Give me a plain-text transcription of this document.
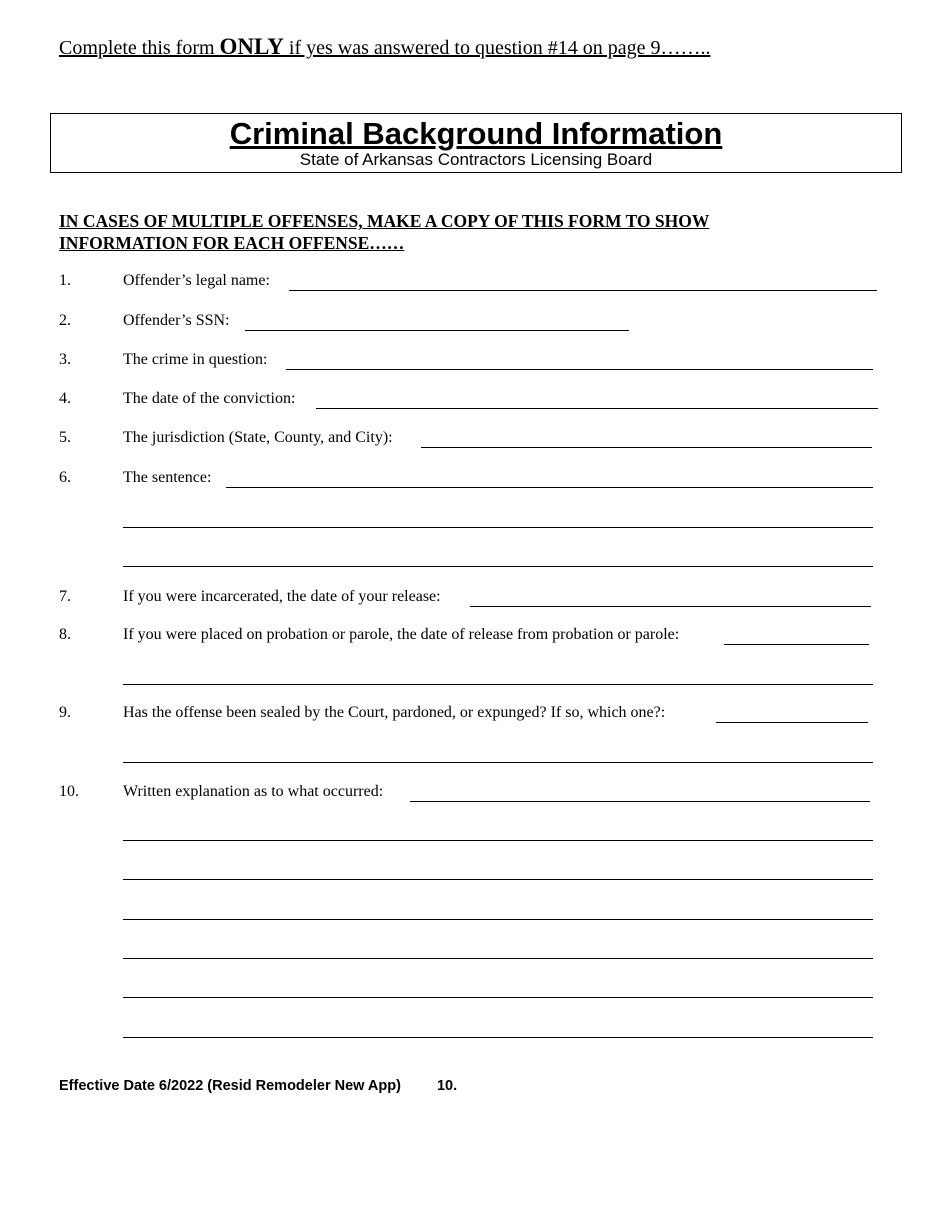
Complete this form ONLY if yes was answered to question #14 on page 9……..
Criminal Background Information
State of Arkansas Contractors Licensing Board
IN CASES OF MULTIPLE OFFENSES, MAKE A COPY OF THIS FORM TO SHOW
INFORMATION FOR EACH OFFENSE……
1.	Offender’s legal name:
2.	Offender’s SSN:
3.	The crime in question:
4.	The date of the conviction:
5.	The jurisdiction (State, County, and City):
6.	The sentence:
7.	If you were incarcerated, the date of your release:
8.	If you were placed on probation or parole, the date of release from probation or parole:
9.	Has the offense been sealed by the Court, pardoned, or expunged? If so, which one?:
10.	Written explanation as to what occurred:
Effective Date 6/2022 (Resid Remodeler New App) 10.
